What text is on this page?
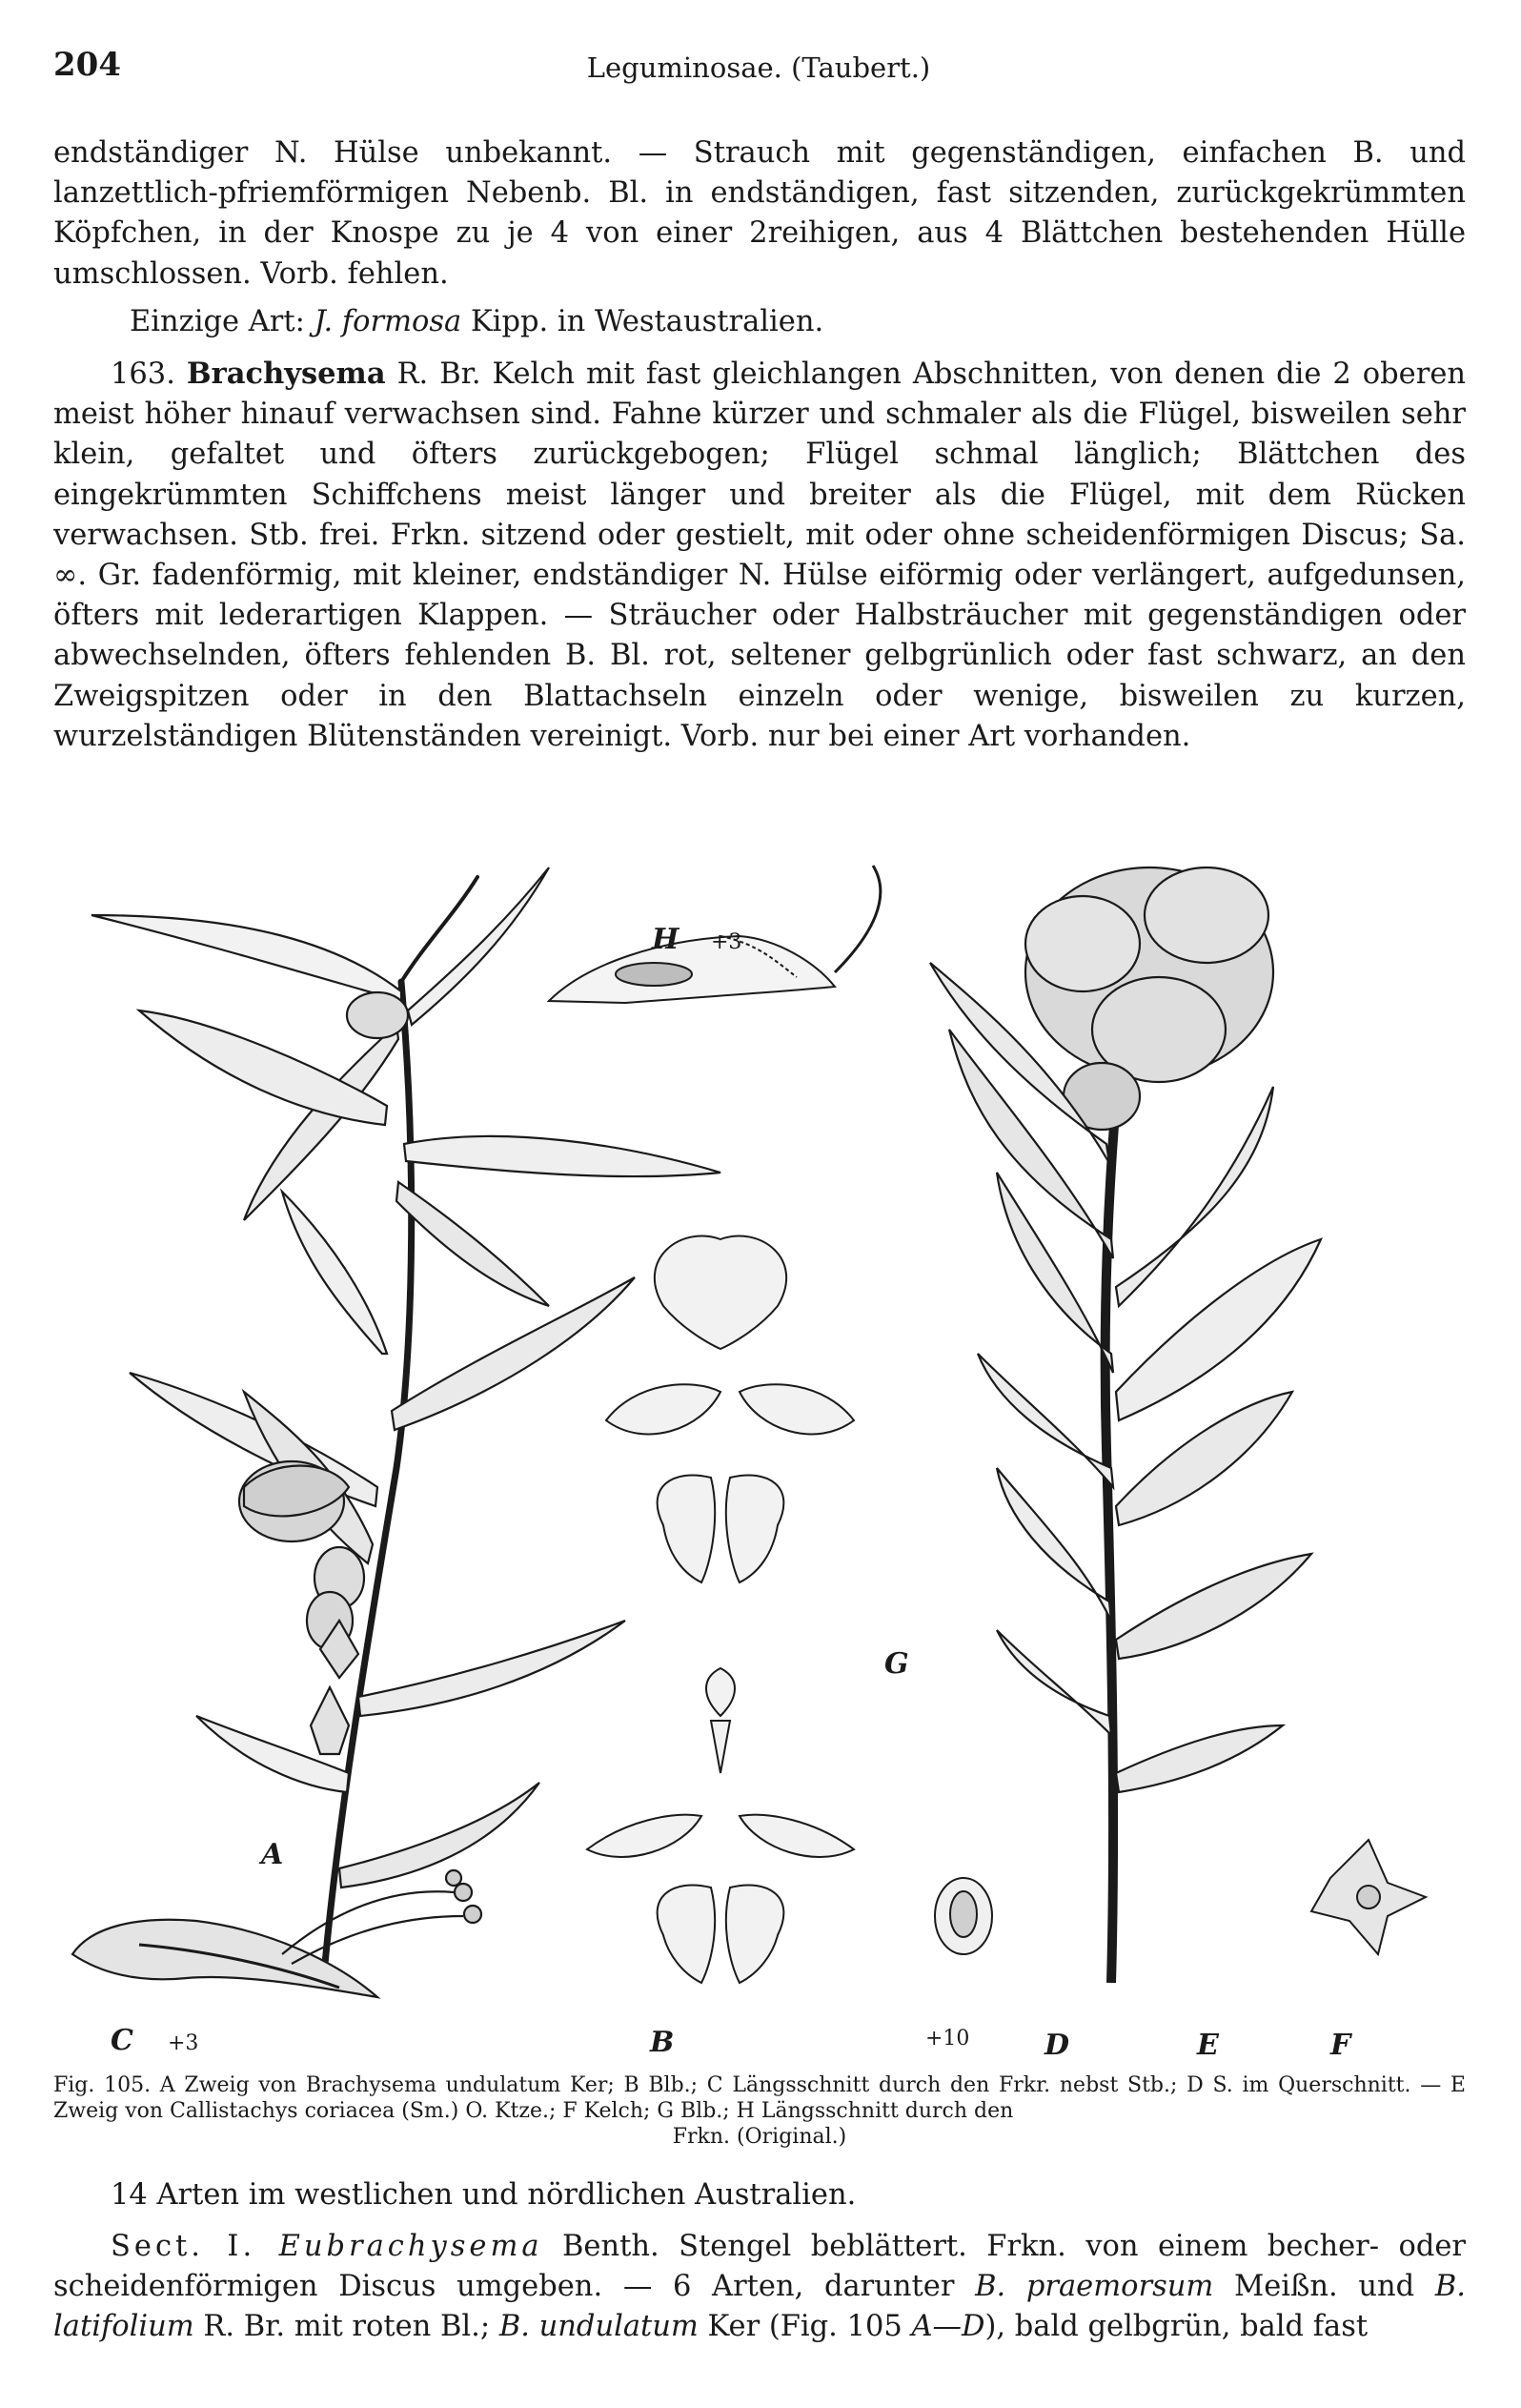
204	Leguminosae. (Taubert.)

endständiger N. Hülse unbekannt. — Strauch mit gegenständigen, einfachen B. und lanzettlich-pfriemförmigen Nebenb. Bl. in endständigen, fast sitzenden, zurückgekrümmten Köpfchen, in der Knospe zu je 4 von einer 2reihigen, aus 4 Blättchen bestehenden Hülle umschlossen. Vorb. fehlen.

Einzige Art: J. formosa Kipp. in Westaustralien.

163. Brachysema R. Br. Kelch mit fast gleichlangen Abschnitten, von denen die 2 oberen meist höher hinauf verwachsen sind. Fahne kürzer und schmaler als die Flügel, bisweilen sehr klein, gefaltet und öfters zurückgebogen; Flügel schmal länglich; Blättchen des eingekrümmten Schiffchens meist länger und breiter als die Flügel, mit dem Rücken verwachsen. Stb. frei. Frkn. sitzend oder gestielt, mit oder ohne scheidenförmigen Discus; Sa. ∞. Gr. fadenförmig, mit kleiner, endständiger N. Hülse eiförmig oder verlängert, aufgedunsen, öfters mit lederartigen Klappen. — Sträucher oder Halbsträucher mit gegenständigen oder abwechselnden, öfters fehlenden B. Bl. rot, seltener gelbgrünlich oder fast schwarz, an den Zweigspitzen oder in den Blattachseln einzeln oder wenige, bisweilen zu kurzen, wurzelständigen Blütenständen vereinigt. Vorb. nur bei einer Art vorhanden.

H +3
G
A
C +3	B	+10	D	E	F
Fig. 105. A Zweig von Brachysema undulatum Ker; B Blb.; C Längsschnitt durch den Frkr. nebst Stb.; D S. im Querschnitt. — E Zweig von Callistachys coriacea (Sm.) O. Ktze.; F Kelch; G Blb.; H Längsschnitt durch den
Frkn. (Original.)

14 Arten im westlichen und nördlichen Australien.

Sect. I. Eubrachysema Benth. Stengel beblättert. Frkn. von einem becher- oder scheidenförmigen Discus umgeben. — 6 Arten, darunter B. praemorsum Meißn. und B. latifolium R. Br. mit roten Bl.; B. undulatum Ker (Fig. 105 A—D), bald gelbgrün, bald fast
